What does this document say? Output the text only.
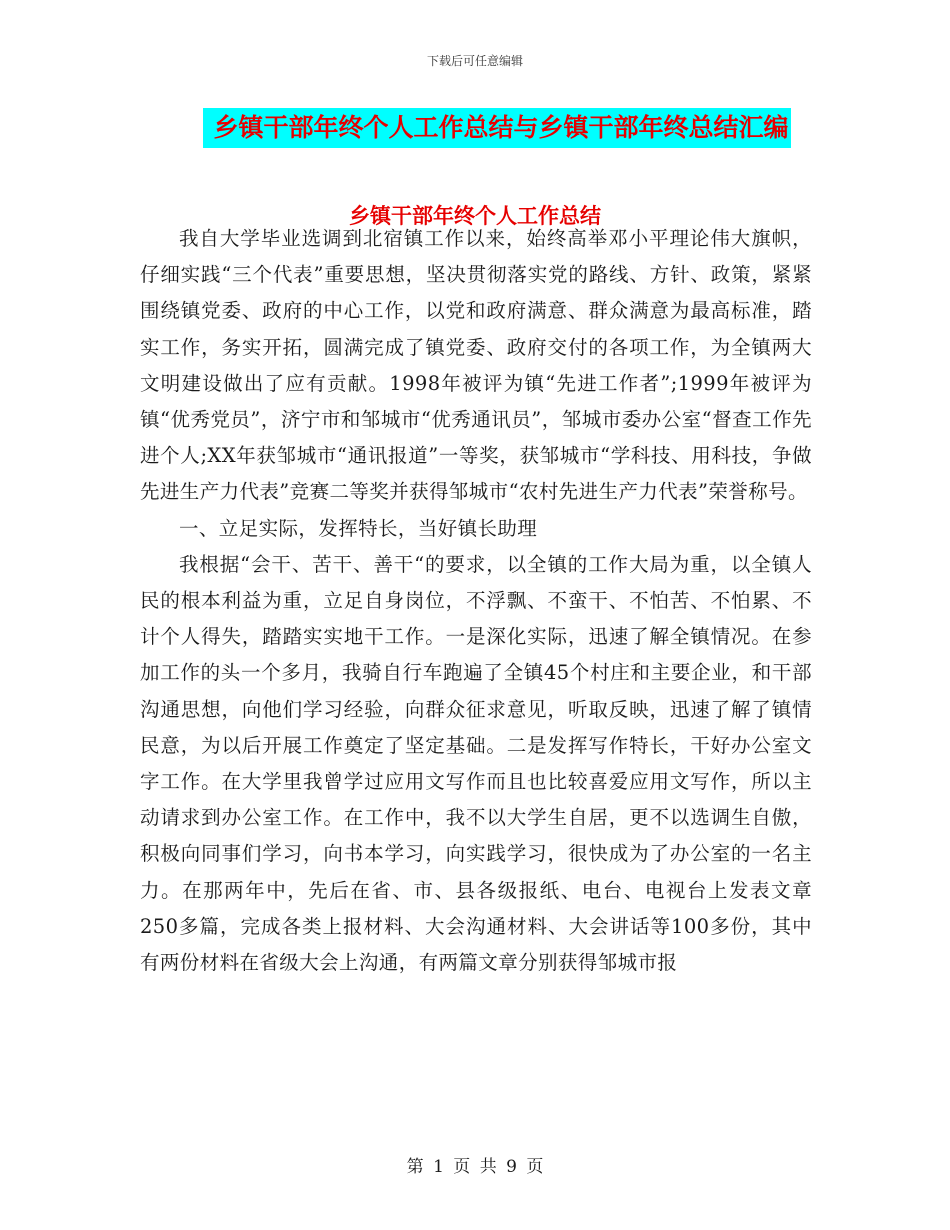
下载后可任意编辑
乡镇干部年终个人工作总结与乡镇干部年终总结汇编
乡镇干部年终个人工作总结

我自大学毕业选调到北宿镇工作以来，始终高举邓小平理论伟大旗帜，仔细实践“三个代表”重要思想，坚决贯彻落实党的路线、方针、政策，紧紧围绕镇党委、政府的中心工作，以党和政府满意、群众满意为最高标准，踏实工作，务实开拓，圆满完成了镇党委、政府交付的各项工作，为全镇两大文明建设做出了应有贡献。1998年被评为镇“先进工作者”;1999年被评为镇“优秀党员”，济宁市和邹城市“优秀通讯员”，邹城市委办公室“督查工作先进个人;XX年获邹城市“通讯报道”一等奖，获邹城市“学科技、用科技，争做先进生产力代表”竞赛二等奖并获得邹城市“农村先进生产力代表”荣誉称号。

一、立足实际，发挥特长，当好镇长助理

我根据“会干、苦干、善干“的要求，以全镇的工作大局为重，以全镇人民的根本利益为重，立足自身岗位，不浮飘、不蛮干、不怕苦、不怕累、不计个人得失，踏踏实实地干工作。一是深化实际，迅速了解全镇情况。在参加工作的头一个多月，我骑自行车跑遍了全镇45个村庄和主要企业，和干部沟通思想，向他们学习经验，向群众征求意见，听取反映，迅速了解了镇情民意，为以后开展工作奠定了坚定基础。二是发挥写作特长，干好办公室文字工作。在大学里我曾学过应用文写作而且也比较喜爱应用文写作，所以主动请求到办公室工作。在工作中，我不以大学生自居，更不以选调生自傲，积极向同事们学习，向书本学习，向实践学习，很快成为了办公室的一名主力。在那两年中，先后在省、市、县各级报纸、电台、电视台上发表文章250多篇，完成各类上报材料、大会沟通材料、大会讲话等100多份，其中有两份材料在省级大会上沟通，有两篇文章分别获得邹城市报

第 1 页 共 9 页
